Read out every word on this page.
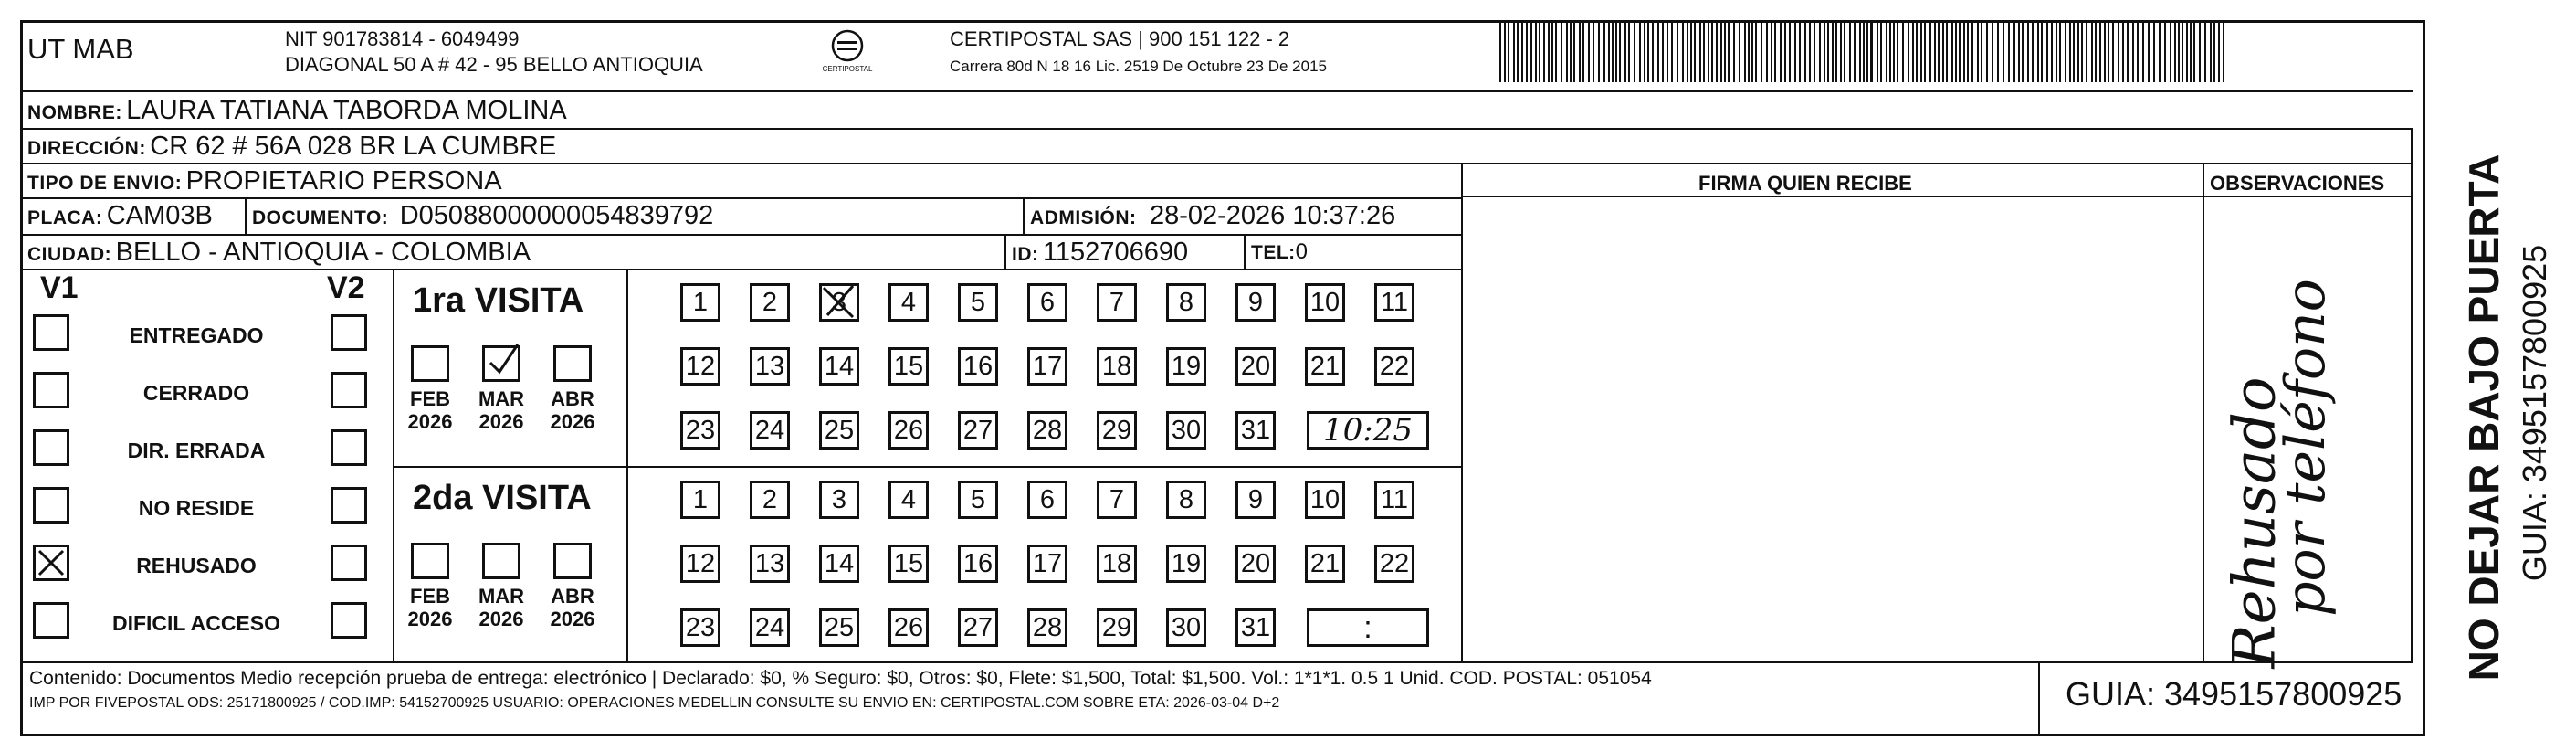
UT MAB	NIT 901783814 - 6049499
DIAGONAL 50 A # 42 - 95 BELLO ANTIOQUIA	CERTIPOSTAL
CERTIPOSTAL SAS | 900 151 122 - 2
Carrera 80d N 18 16 Lic. 2519 De Octubre 23 De 2015
NOMBRE: LAURA TATIANA TABORDA MOLINA
DIRECCIÓN: CR 62 # 56A 028 BR LA CUMBRE
TIPO DE ENVIO: PROPIETARIO PERSONA	FIRMA QUIEN RECIBE	OBSERVACIONES
PLACA: CAM03B DOCUMENTO: D05088000000054839792	ADMISIÓN: 28-02-2026 10:37:26
CIUDAD: BELLO - ANTIOQUIA - COLOMBIA	ID: 1152706690	TEL:0
V1	V2
ENTREGADO
CERRADO
DIR. ERRADA
NO RESIDE
REHUSADO
DIFICIL ACCESO
1ra VISITA
FEB
2026
MAR
2026
ABR
2026
1	2	3	4	5	6	7	8	9	10 11
12 13 14 15 16 17 18 19 20 21 22
23 24 25 26 27 28 29 30 31	10:25
2da VISITA
FEB
2026
MAR
2026
ABR
2026
1	2	3	4	5	6	7	8	9	10 11
12 13 14 15 16 17 18 19 20 21 22
23 24 25 26 27 28 29 30 31	:	Rehusado
por teléfono
Contenido: Documentos Medio recepción prueba de entrega: electrónico | Declarado: $0, % Seguro: $0, Otros: $0, Flete: $1,500, Total: $1,500. Vol.: 1*1*1. 0.5 1 Unid. COD. POSTAL: 051054
IMP POR FIVEPOSTAL ODS: 25171800925 / COD.IMP: 54152700925 USUARIO: OPERACIONES MEDELLIN CONSULTE SU ENVIO EN: CERTIPOSTAL.COM SOBRE ETA: 2026-03-04 D+2	GUIA: 3495157800925
NO DEJAR BAJO PUERTA GUIA: 3495157800925
